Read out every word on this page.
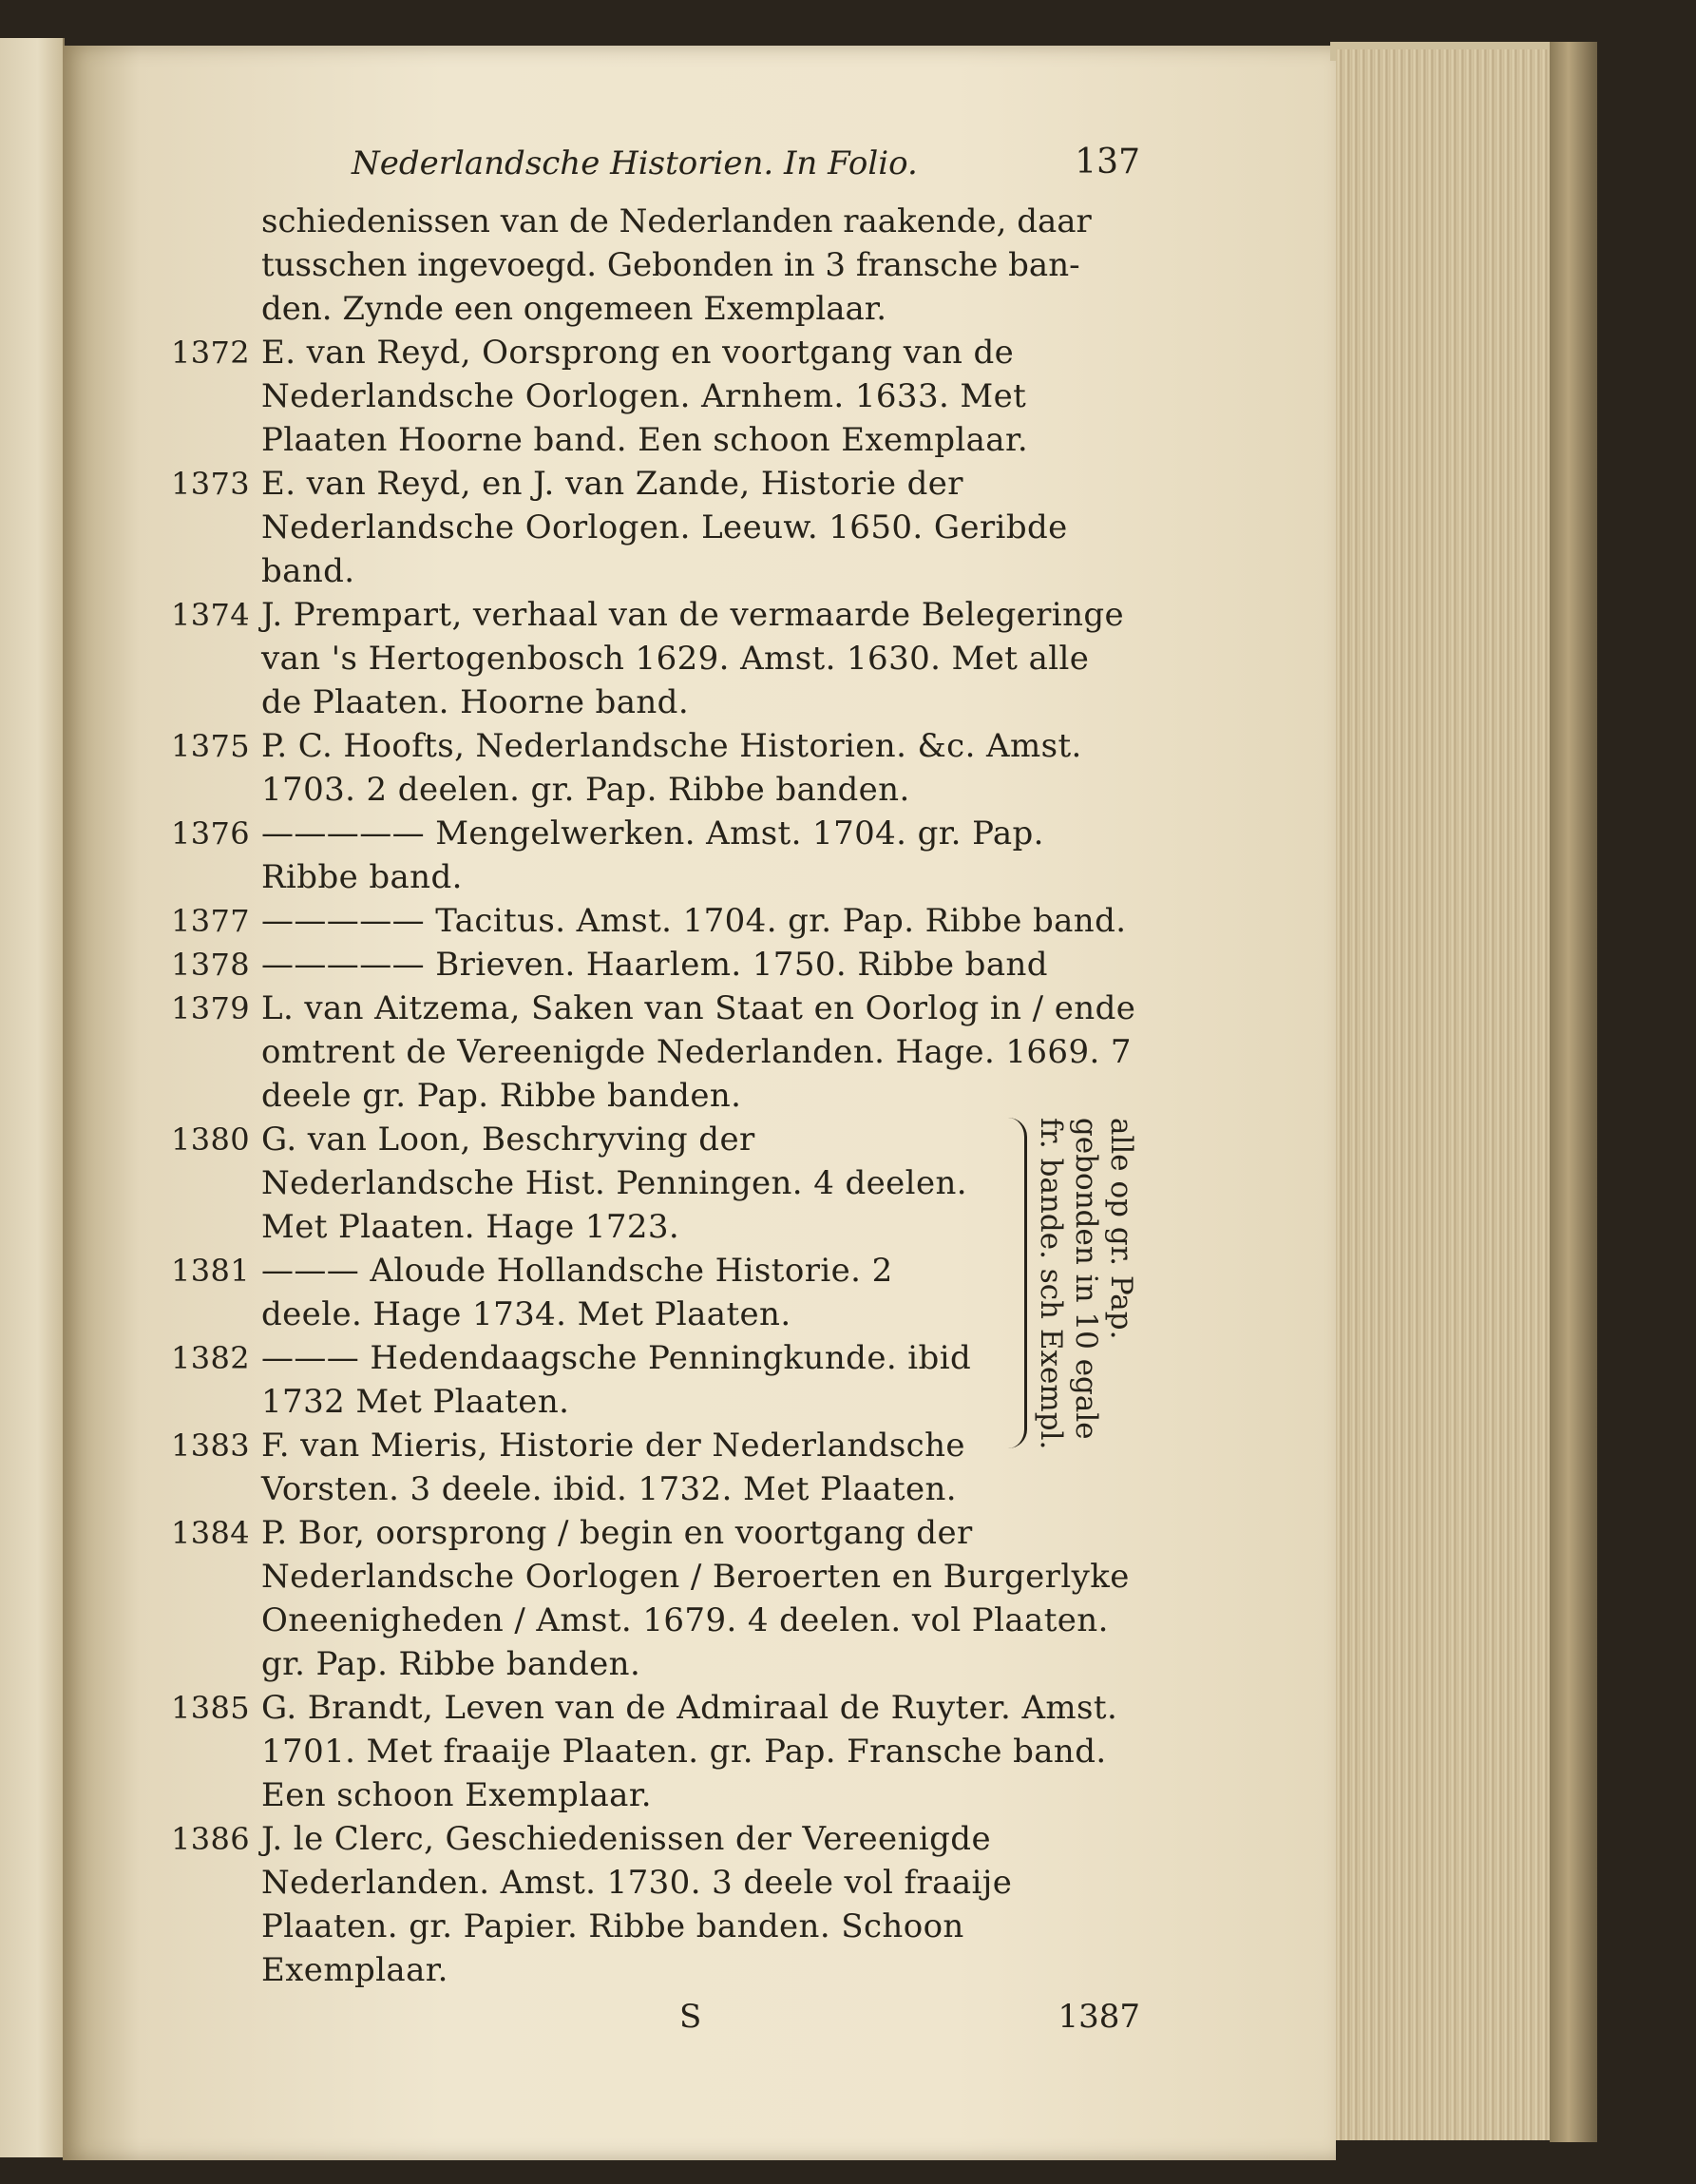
Nederlandsche Historien. In Folio.	137
schiedenissen van de Nederlanden raakende, daar
tusschen ingevoegd. Gebonden in 3 fransche ban-
den. Zynde een ongemeen Exemplaar.
1372 E. van Reyd, Oorsprong en voortgang van de Nederlandsche Oorlogen. Arnhem. 1633. Met Plaaten Hoorne band. Een schoon Exemplaar.
1373 E. van Reyd, en J. van Zande, Historie der Nederlandsche Oorlogen. Leeuw. 1650. Geribde band.
1374 J. Prempart, verhaal van de vermaarde Belegeringe van 's Hertogenbosch 1629. Amst. 1630. Met alle de Plaaten. Hoorne band.
1375 P. C. Hoofts, Nederlandsche Historien. &c. Amst. 1703. 2 deelen. gr. Pap. Ribbe banden.
1376 ————— Mengelwerken. Amst. 1704. gr. Pap. Ribbe band.
1377 ————— Tacitus. Amst. 1704. gr. Pap. Ribbe band.
1378 ————— Brieven. Haarlem. 1750. Ribbe band
1379 L. van Aitzema, Saken van Staat en Oorlog in / ende omtrent de Vereenigde Nederlanden. Hage. 1669. 7 deele gr. Pap. Ribbe banden.
1380 G. van Loon, Beschryving der Nederlandsche Hist. Penningen. 4 deelen. Met Plaaten. Hage 1723.
1381 ——— Aloude Hollandsche Historie. 2 deele. Hage 1734. Met Plaaten.
1382 ——— Hedendaagsche Penningkunde. ibid 1732 Met Plaaten.
1383 F. van Mieris, Historie der Nederlandsche Vorsten. 3 deele. ibid. 1732. Met Plaaten.
alle op gr. Pap. gebonden in 10 egale fr. bande. sch Exempl.
1384 P. Bor, oorsprong / begin en voortgang der Nederlandsche Oorlogen / Beroerten en Burgerlyke Oneenigheden / Amst. 1679. 4 deelen. vol Plaaten. gr. Pap. Ribbe banden.
1385 G. Brandt, Leven van de Admiraal de Ruyter. Amst. 1701. Met fraaije Plaaten. gr. Pap. Fransche band. Een schoon Exemplaar.
1386 J. le Clerc, Geschiedenissen der Vereenigde Nederlanden. Amst. 1730. 3 deele vol fraaije Plaaten. gr. Papier. Ribbe banden. Schoon Exemplaar.
S	1387
